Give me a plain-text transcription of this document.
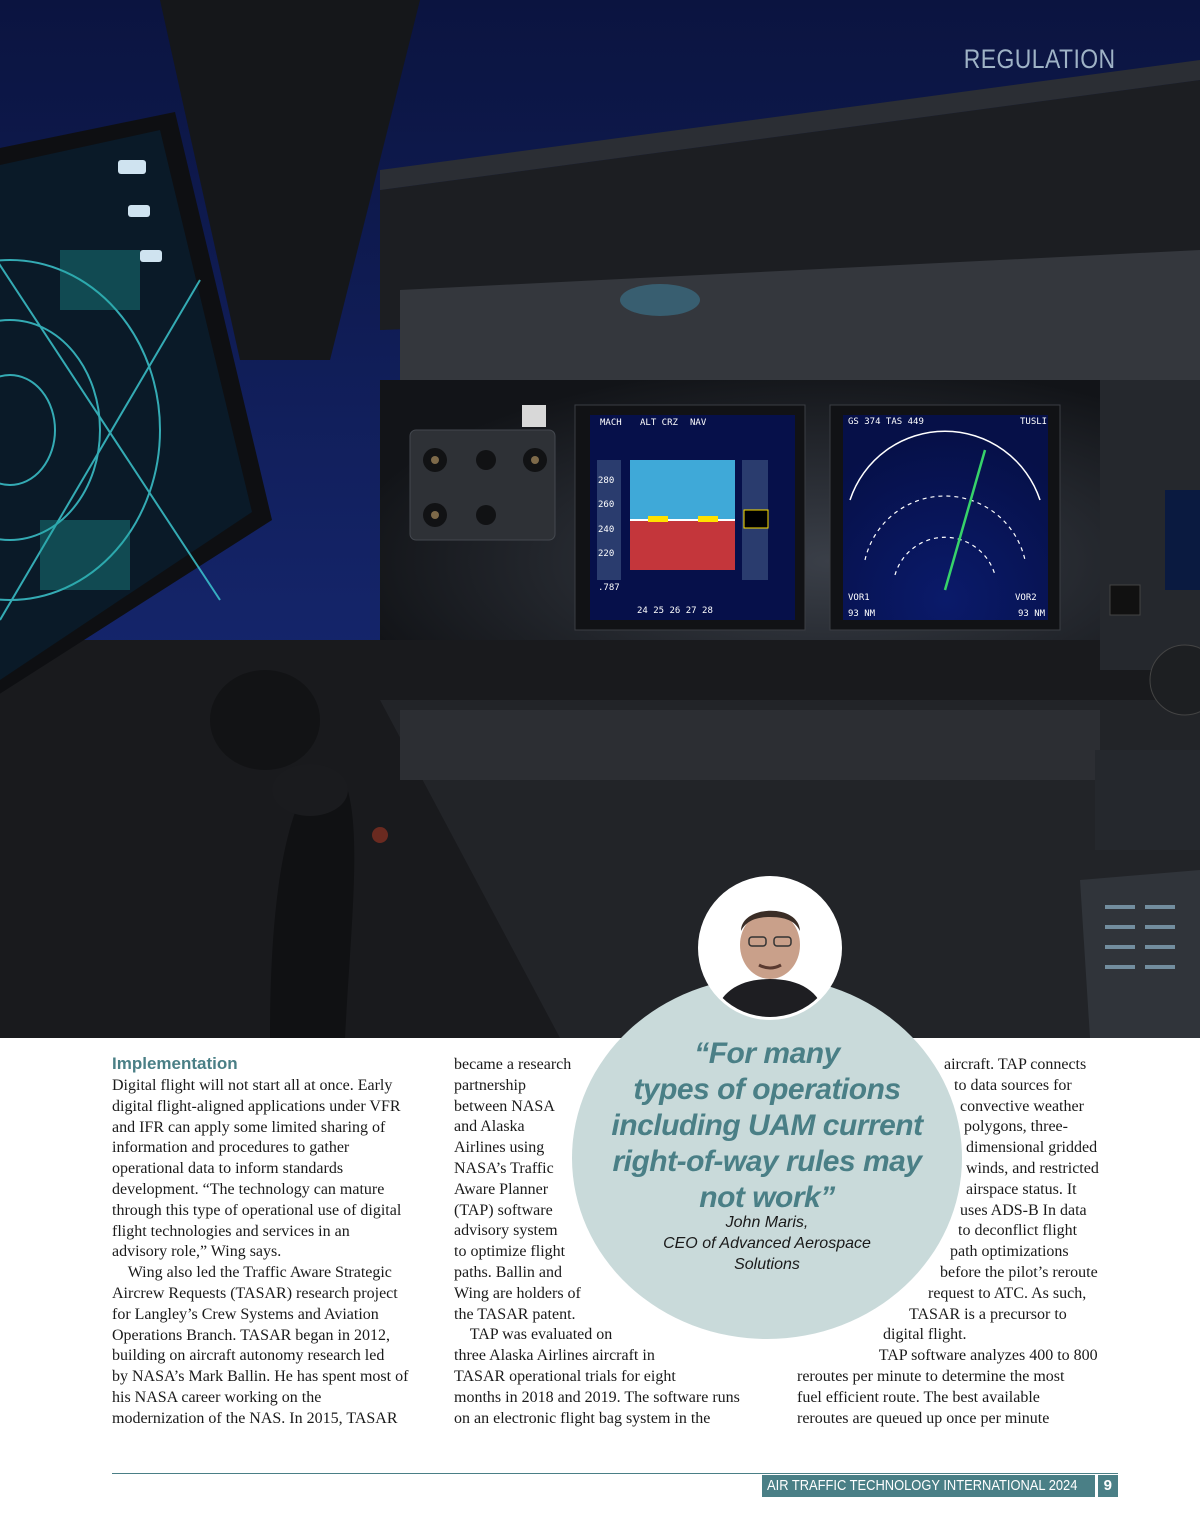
280
260
240
220
MACH ALT CRZ NAV
.787
24 25 26 27 28
GS 374 TAS 449	TUSLI
VOR1	VOR2
93 NM	93 NM
REGULATION
“For many
types of operations
including UAM current
right-of-way rules may
not work”
John Maris,
CEO of Advanced Aerospace
Solutions
Implementation
Digital flight will not start all at once. Early
digital flight-aligned applications under VFR
and IFR can apply some limited sharing of
information and procedures to gather
operational data to inform standards
development. “The technology can mature
through this type of operational use of digital
flight technologies and services in an
advisory role,” Wing says.
Wing also led the Traffic Aware Strategic
Aircrew Requests (TASAR) research project
for Langley’s Crew Systems and Aviation
Operations Branch. TASAR began in 2012,
building on aircraft autonomy research led
by NASA’s Mark Ballin. He has spent most of
his NASA career working on the
modernization of the NAS. In 2015, TASAR
became a research
partnership
between NASA
and Alaska
Airlines using
NASA’s Traffic
Aware Planner
(TAP) software
advisory system
to optimize flight
paths. Ballin and
Wing are holders of
the TASAR patent.
TAP was evaluated on
three Alaska Airlines aircraft in
TASAR operational trials for eight
months in 2018 and 2019. The software runs
on an electronic flight bag system in the
aircraft. TAP connects
to data sources for
convective weather
polygons, three-
dimensional gridded
winds, and restricted
airspace status. It
uses ADS-B In data
to deconflict flight
path optimizations
before the pilot’s reroute
request to ATC. As such,
TASAR is a precursor to
digital flight.
TAP software analyzes 400 to 800
reroutes per minute to determine the most
fuel efficient route. The best available
reroutes are queued up once per minute
AIR TRAFFIC TECHNOLOGY INTERNATIONAL 2024 9
